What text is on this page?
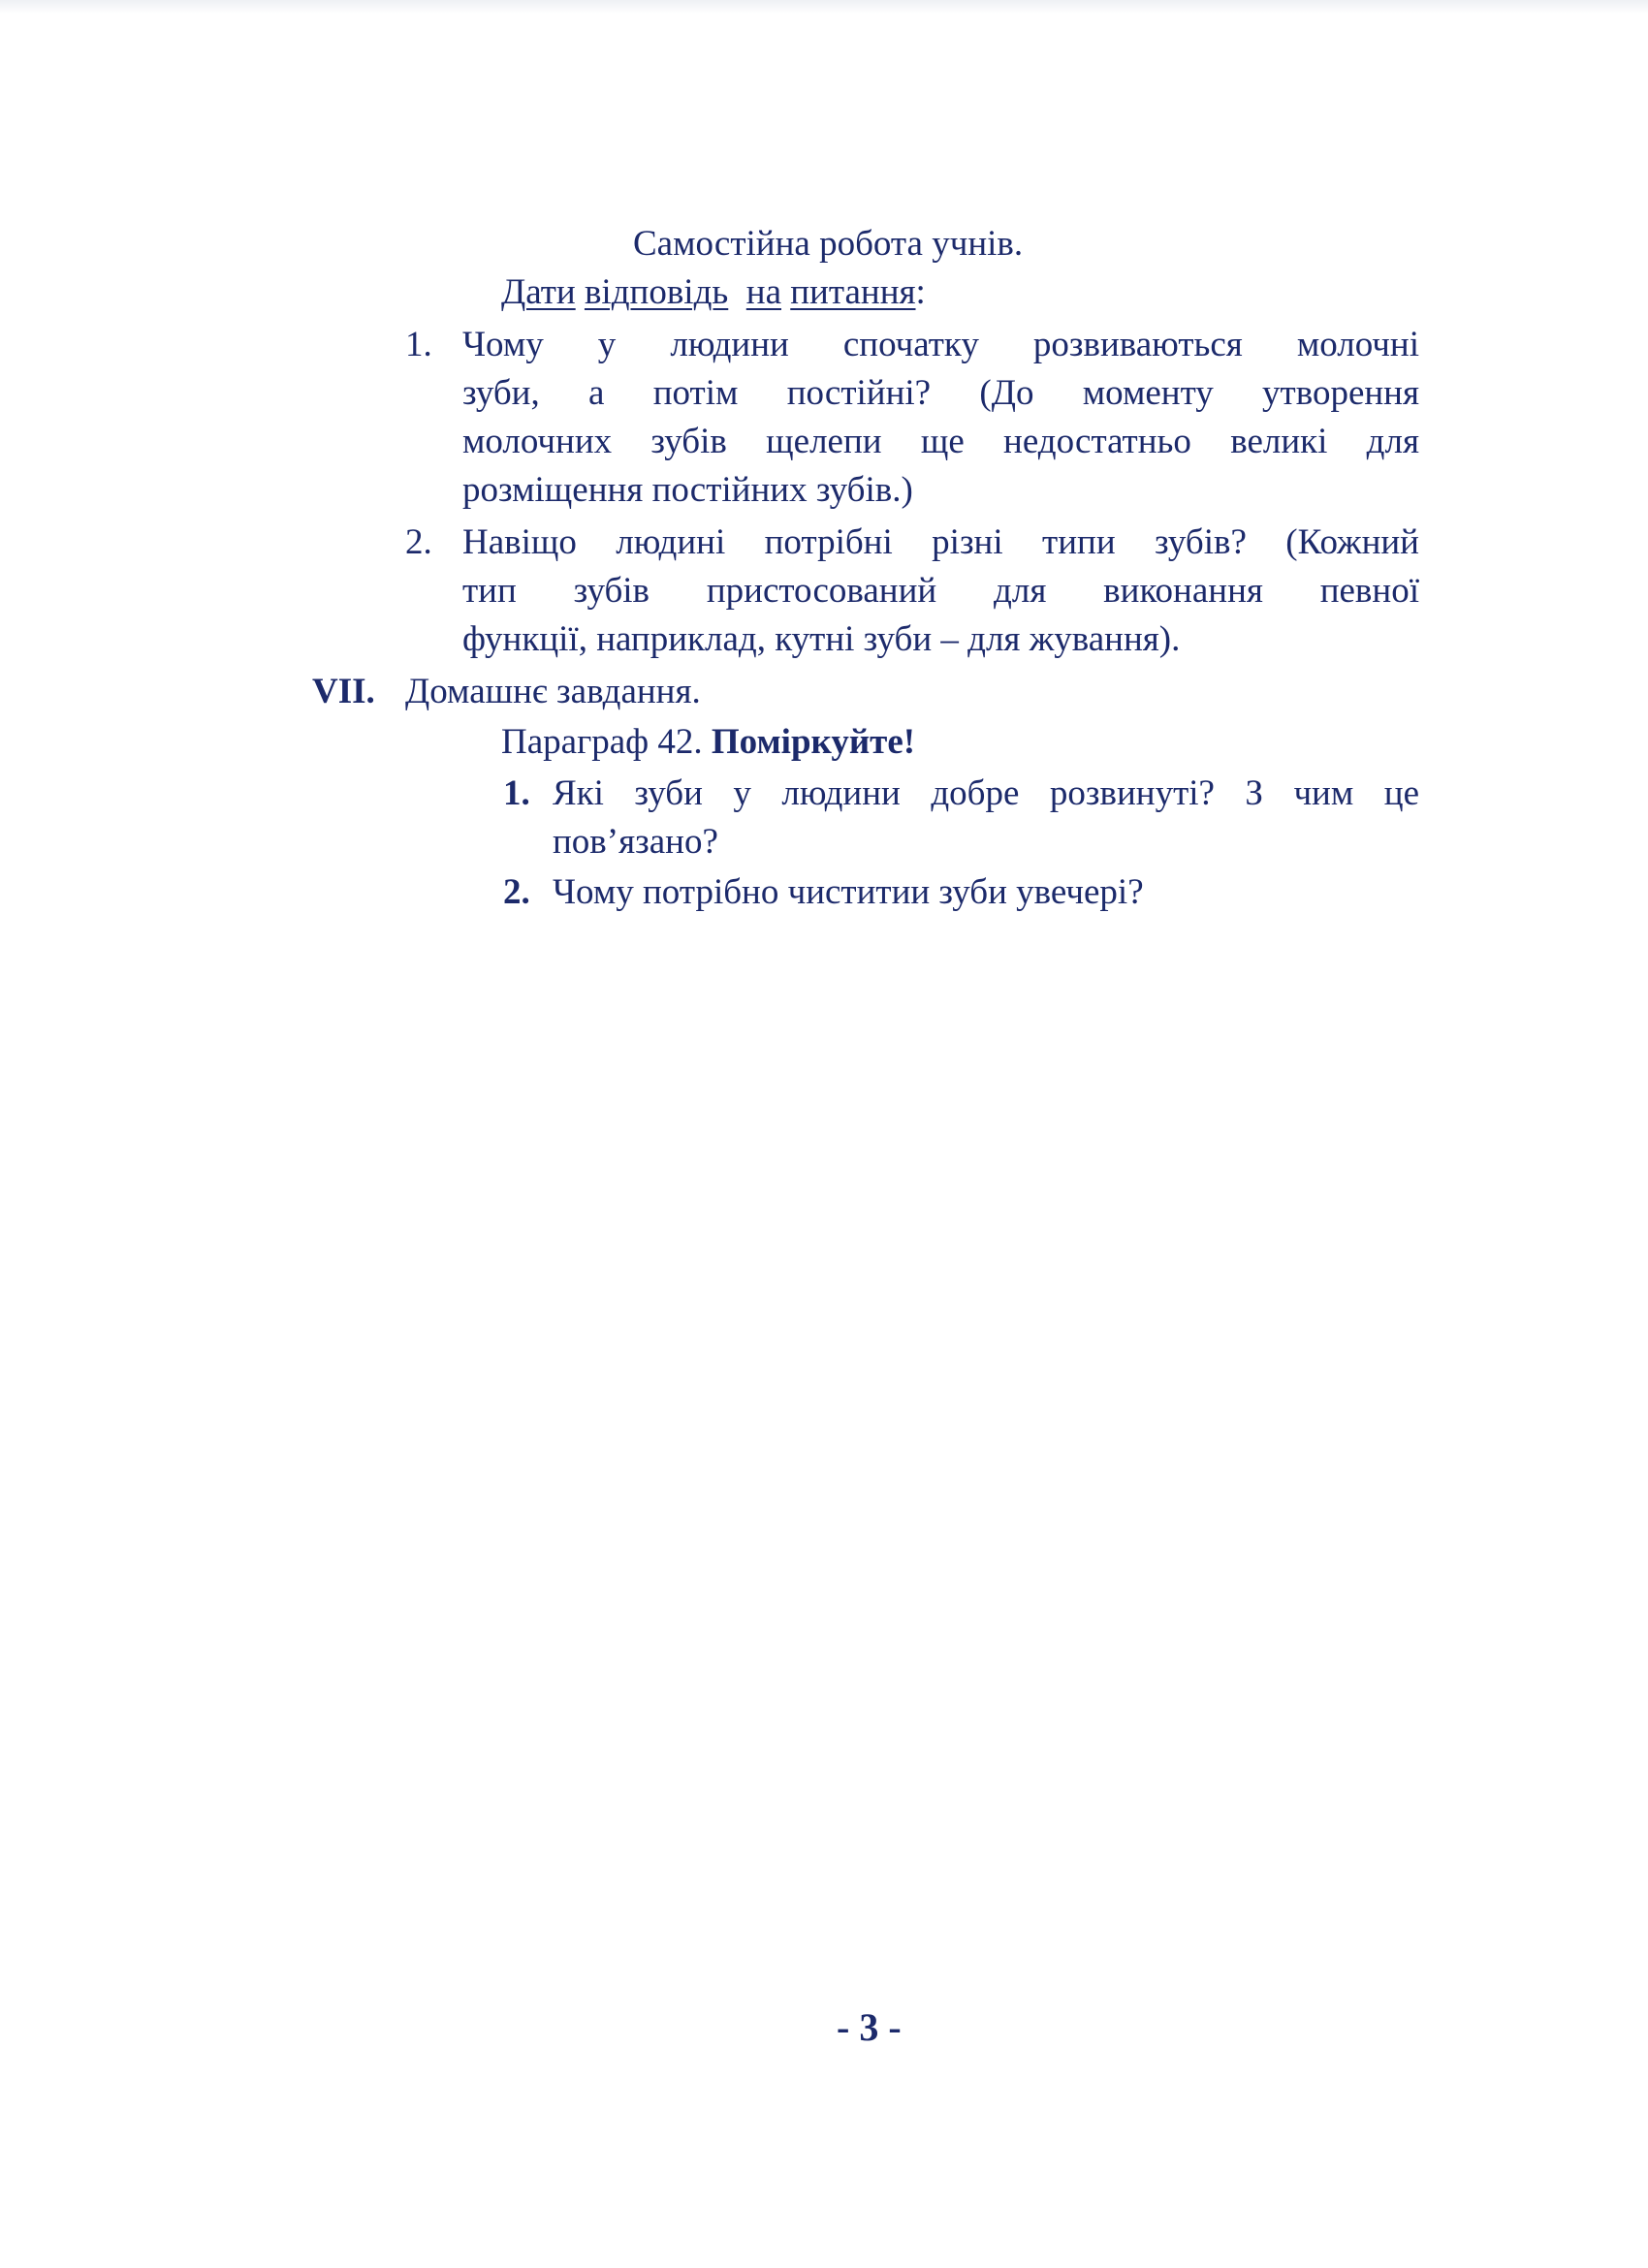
Самостійна робота учнів.
Дати відповідь на питання:
1. Чому у людини спочатку розвиваються молочні
зуби, а потім постійні? (До моменту утворення
молочних зубів щелепи ще недостатньо великі для
розміщення постійних зубів.)
2. Навіщо людині потрібні різні типи зубів? (Кожний
тип зубів пристосований для виконання певної
функції, наприклад, кутні зуби – для жування).
VII. Домашнє завдання.
Параграф 42. Поміркуйте!
1. Які зуби у людини добре розвинуті? З чим це
пов’язано?
2. Чому потрібно чиститии зуби увечері?
- 3 -
